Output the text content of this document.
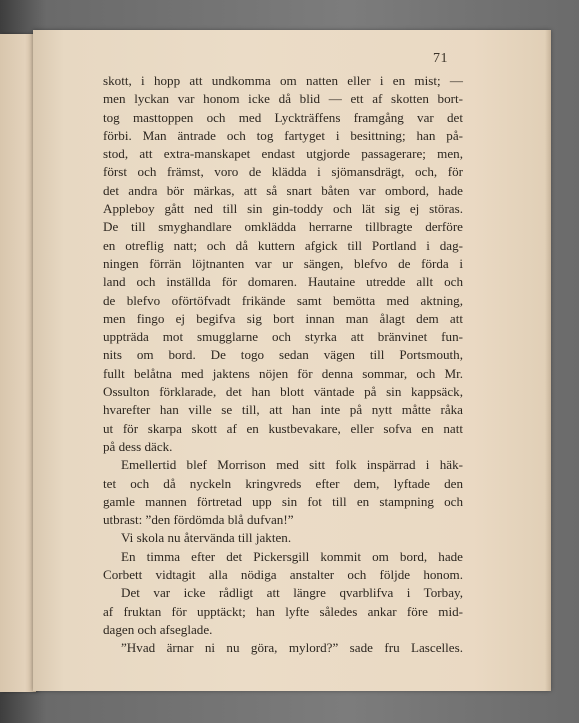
71
skott, i hopp att undkomma om natten eller i en mist; —
men lyckan var honom icke då blid — ett af skotten bort-
tog masttoppen och med Lyckträffens framgång var det
förbi. Man äntrade och tog fartyget i besittning; han på-
stod, att extra-manskapet endast utgjorde passagerare; men,
först och främst, voro de klädda i sjömansdrägt, och, för
det andra bör märkas, att så snart båten var ombord, hade
Appleboy gått ned till sin gin-toddy och lät sig ej störas.
De till smyghandlare omklädda herrarne tillbragte derföre
en otreflig natt; och då kuttern afgick till Portland i dag-
ningen förrän löjtnanten var ur sängen, blefvo de förda i
land och inställda för domaren. Hautaine utredde allt och
de blefvo oförtöfvadt frikände samt bemötta med aktning,
men fingo ej begifva sig bort innan man ålagt dem att
uppträda mot smugglarne och styrka att bränvinet fun-
nits om bord. De togo sedan vägen till Portsmouth,
fullt belåtna med jaktens nöjen för denna sommar, och Mr.
Ossulton förklarade, det han blott väntade på sin kappsäck,
hvarefter han ville se till, att han inte på nytt måtte råka
ut för skarpa skott af en kustbevakare, eller sofva en natt
på dess däck.
Emellertid blef Morrison med sitt folk inspärrad i häk-
tet och då nyckeln kringvreds efter dem, lyftade den
gamle mannen förtretad upp sin fot till en stampning och
utbrast: ”den fördömda blå dufvan!”
Vi skola nu återvända till jakten.
En timma efter det Pickersgill kommit om bord, hade
Corbett vidtagit alla nödiga anstalter och följde honom.
Det var icke rådligt att längre qvarblifva i Torbay,
af fruktan för upptäckt; han lyfte således ankar före mid-
dagen och afseglade.
”Hvad ärnar ni nu göra, mylord?” sade fru Lascelles.
